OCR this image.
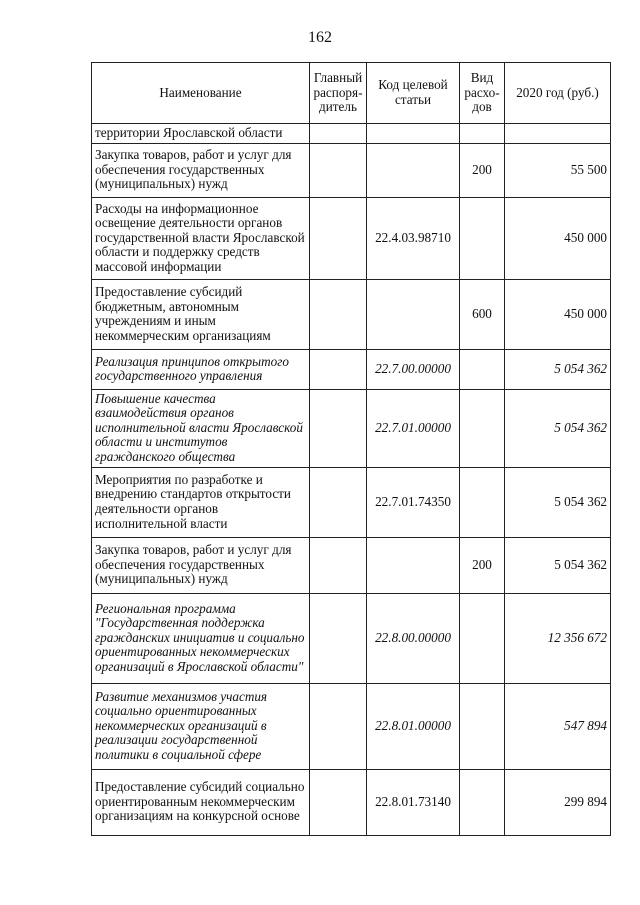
162
Наименование	Главный распоря-дитель	Код целевой статьи	Вид расхо-дов	2020 год (руб.)
территории Ярославской области				
Закупка товаров, работ и услуг для обеспечения государственных (муниципальных) нужд			200	55 500
Расходы на информационное освещение деятельности органов государственной власти Ярославской области и поддержку средств массовой информации		22.4.03.98710		450 000
Предоставление субсидий бюджетным, автономным учреждениям и иным некоммерческим организациям			600	450 000
Реализация принципов открытого государственного управления		22.7.00.00000		5 054 362
Повышение качества взаимодействия органов исполнительной власти Ярославской области и институтов гражданского общества		22.7.01.00000		5 054 362
Мероприятия по разработке и внедрению стандартов открытости деятельности органов исполнительной власти		22.7.01.74350		5 054 362
Закупка товаров, работ и услуг для обеспечения государственных (муниципальных) нужд			200	5 054 362
Региональная программа "Государственная поддержка гражданских инициатив и социально ориентированных некоммерческих организаций в Ярославской области"		22.8.00.00000		12 356 672
Развитие механизмов участия социально ориентированных некоммерческих организаций в реализации государственной политики в социальной сфере		22.8.01.00000		547 894
Предоставление субсидий социально ориентированным некоммерческим организациям на конкурсной основе		22.8.01.73140		299 894
